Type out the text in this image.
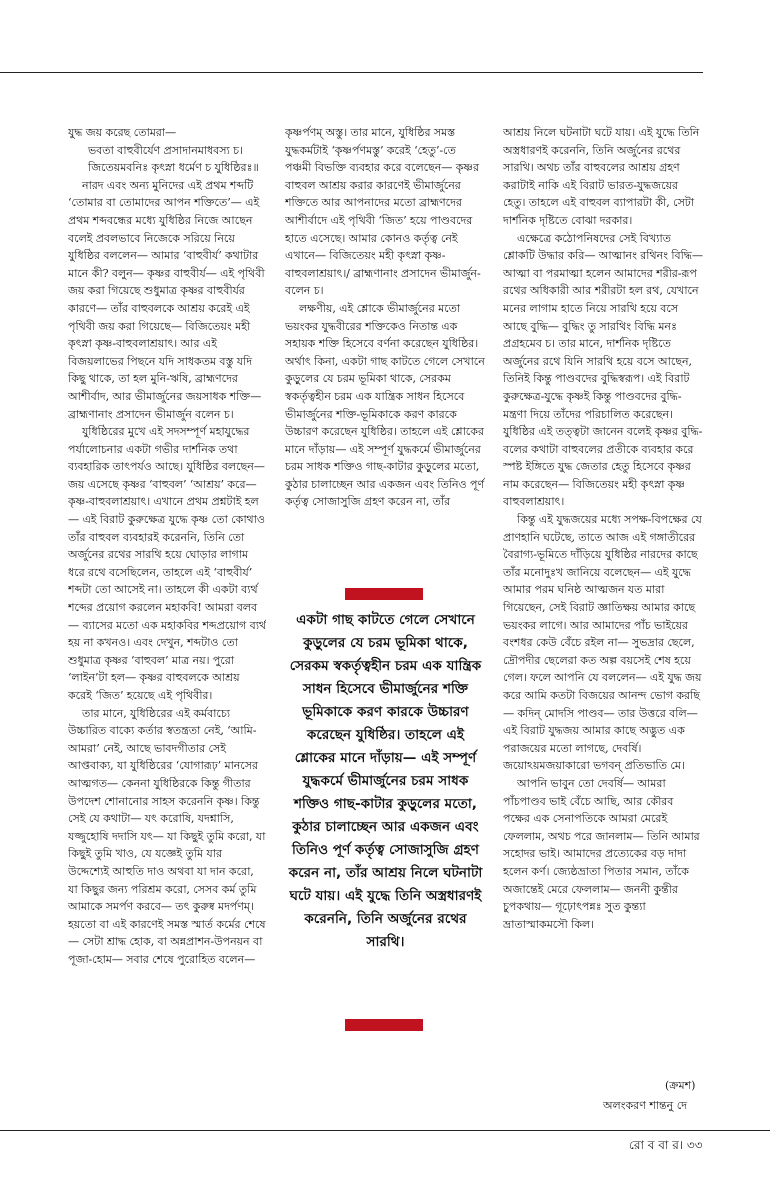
যুদ্ধ জয় করেছ তোমরা—

ভবতা বাহুবীর্যেণ প্রসাদানমাধবস্য চ।

জিতেয়মবনিঃ কৃৎস্না ধর্মেণ চ যুধিষ্ঠিরঃ॥

নারদ এবং অন্য মুনিদের এই প্রথম শব্দটি ‘তোমার বা তোমাদের আপন শক্তিতে’— এই প্রথম শব্দবন্ধের মধ্যে যুধিষ্ঠির নিজে আছেন বলেই প্রবলভাবে নিজেকে সরিয়ে নিয়ে যুধিষ্ঠির বললেন— আমার ‘বাহুবীর্য’ কথাটার মানে কী? বলুন— কৃষ্ণর বাহুবীর্য— এই পৃথিবী জয় করা গিয়েছে শুধুমাত্র কৃষ্ণর বাহুবীর্যর কারণে— তাঁর বাহুবলকে আশ্রয় করেই এই পৃথিবী জয় করা গিয়েছে— বিজিতেয়ং মহী কৃৎস্না কৃষ্ণ-বাহুবলাশ্রয়াৎ। আর এই বিজয়লাভের পিছনে যদি সাধকতম বস্তু যদি কিছু থাকে, তা হল মুনি-ঋষি, ব্রাহ্মণদের আশীর্বাদ, আর ভীমার্জুনের জয়সাধক শক্তি— ব্রাহ্মণানাং প্রসাদেন ভীমার্জুন বলেন চ।

যুধিষ্ঠিরের মুখে এই সদসম্পূর্ণ মহাযুদ্ধের পর্যালোচনার একটা গভীর দার্শনিক তথা ব্যবহারিক তাৎপর্যও আছে। যুধিষ্ঠির বলছেন— জয় এসেছে কৃষ্ণর ‘বাহুবল’ ‘আশ্রয়’ করে— কৃষ্ণ-বাহুবলাশ্রয়াৎ। এখানে প্রথম প্রশ্নটাই হল— এই বিরাট কুরুক্ষেত্র যুদ্ধে কৃষ্ণ তো কোথাও তাঁর বাহুবল ব্যবহারই করেননি, তিনি তো অর্জুনের রথের সারথি হয়ে ঘোড়ার লাগাম ধরে রথে বসেছিলেন, তাহলে এই ‘বাহুবীর্য’ শব্দটা তো আসেই না। তাহলে কী একটা ব্যর্থ শব্দের প্রয়োগ করলেন মহাকবি! আমরা বলব— ব্যাসের মতো এক মহাকবির শব্দপ্রয়োগ ব্যর্থ হয় না কখনও। এবং দেখুন, শব্দটাও তো শুধুমাত্র কৃষ্ণর ‘বাহুবল’ মাত্র নয়। পুরো ‘লাইন’টা হল— কৃষ্ণর বাহুবলকে আশ্রয় করেই ‘জিত’ হয়েছে এই পৃথিবীর।

তার মানে, যুধিষ্ঠিরের এই কর্মবাচ্যে উচ্চারিত বাক্যে কর্তার স্বতন্ত্রতা নেই, ‘আমি-আমরা’ নেই, আছে ভাবদগীতার সেই আপ্তবাক্য, যা যুধিষ্ঠিরের ‘যোগারূঢ়’ মানসের আত্মগত— কেননা যুধিষ্ঠিরকে কিন্তু গীতার উপদেশ শোনানোর সাহস করেননি কৃষ্ণ। কিন্তু সেই যে কথাটা— যৎ করোষি, যদশ্নাসি, যজ্জুহোষি দদাসি যৎ— যা কিছুই তুমি করো, যা কিছুই তুমি খাও, যে যজ্ঞেই তুমি যার উদ্দেশ্যেই আহুতি দাও অথবা যা দান করো, যা কিছুর জন্য পরিশ্রম করো, সেসব কর্ম তুমি আমাকে সমর্পণ করবে— তৎ কুরুষ্ব মদর্পণম্‌। হয়তো বা এই কারণেই সমস্ত স্মার্ত কর্মের শেষে— সেটা শ্রাদ্ধ হোক, বা অন্নপ্রাশন-উপনয়ন বা পূজা-হোম— সবার শেষে পুরোহিত বলেন—

কৃষ্ণর্পণম্‌ অস্তু। তার মানে, যুধিষ্ঠির সমস্ত যুদ্ধকর্মটাই ‘কৃষ্ণর্পণমস্তু’ করেই ‘হেতু’-তে পঞ্চমী বিভক্তি ব্যবহার করে বলেছেন— কৃষ্ণর বাহুবল আশ্রয় করার কারণেই ভীমার্জুনের শক্তিতে আর আপনাদের মতো ব্রাহ্মণদের আশীর্বাদে এই পৃথিবী ‘জিত’ হয়ে পাণ্ডবদের হাতে এসেছে। আমার কোনও কর্তৃত্ব নেই এখানে— বিজিতেয়ং মহী কৃৎস্না কৃষ্ণ-বাহুবলাশ্রয়াৎ।/ ব্রাহ্মণানাং প্রসাদেন ভীমার্জুন-বলেন চ।

লক্ষণীয়, এই শ্লোকে ভীমার্জুনের মতো ভয়ংকর যুদ্ধবীরের শক্তিকেও নিতান্ত এক সহায়ক শক্তি হিসেবে বর্ণনা করেছেন যুধিষ্ঠির। অর্থাৎ কিনা, একটা গাছ কাটতে গেলে সেখানে কুড়ুলের যে চরম ভূমিকা থাকে, সেরকম স্বকর্তৃত্বহীন চরম এক যান্ত্রিক সাধন হিসেবে ভীমার্জুনের শক্তি-ভূমিকাকে করণ কারকে উচ্চারণ করেছেন যুধিষ্ঠির। তাহলে এই শ্লোকের মানে দাঁড়ায়— এই সম্পূর্ণ যুদ্ধকর্মে ভীমার্জুনের চরম সাধক শক্তিও গাছ-কাটার কুড়ুলের মতো, কুঠার চালাচ্ছেন আর একজন এবং তিনিও পূর্ণ কর্তৃত্ব সোজাসুজি গ্রহণ করেন না, তাঁর

একটা গাছ কাটতে গেলে সেখানে কুড়ুলের যে চরম ভূমিকা থাকে, সেরকম স্বকর্তৃত্বহীন চরম এক যান্ত্রিক সাধন হিসেবে ভীমার্জুনের শক্তি ভূমিকাকে করণ কারকে উচ্চারণ করেছেন যুধিষ্ঠির। তাহলে এই শ্লোকের মানে দাঁড়ায়— এই সম্পূর্ণ যুদ্ধকর্মে ভীমার্জুনের চরম সাধক শক্তিও গাছ-কাটার কুড়ুলের মতো, কুঠার চালাচ্ছেন আর একজন এবং তিনিও পূর্ণ কর্তৃত্ব সোজাসুজি গ্রহণ করেন না, তাঁর আশ্রয় নিলে ঘটনাটা ঘটে যায়। এই যুদ্ধে তিনি অস্ত্রধারণই করেননি, তিনি অর্জুনের রথের সারথি।

আশ্রয় নিলে ঘটনাটা ঘটে যায়। এই যুদ্ধে তিনি অস্ত্রধারণই করেননি, তিনি অর্জুনের রথের সারথি। অথচ তাঁর বাহুবলের আশ্রয় গ্রহণ করাটাই নাকি এই বিরাট ভারত-যুদ্ধজয়ের হেতু। তাহলে এই বাহুবল ব্যাপারটা কী, সেটা দার্শনিক দৃষ্টিতে বোঝা দরকার।

এক্ষেত্রে কঠোপনিষদের সেই বিখ্যাত শ্লোকটি উদ্ধার করি— আত্মানং রথিনং বিদ্ধি— আত্মা বা পরমাত্মা হলেন আমাদের শরীর-রূপ রথের অধিকারী আর শরীরটা হল রথ, যেখানে মনের লাগাম হাতে নিয়ে সারথি হয়ে বসে আছে বুদ্ধি— বুদ্ধিং তু সারথিং বিদ্ধি মনঃ প্রগ্রহমেব চ। তার মানে, দার্শনিক দৃষ্টিতে অর্জুনের রথে যিনি সারথি হয়ে বসে আছেন, তিনিই কিন্তু পাণ্ডবদের বুদ্ধিস্বরূপ। এই বিরাট কুরুক্ষেত্র-যুদ্ধে কৃষ্ণই কিন্তু পাণ্ডবদের বুদ্ধি-মন্ত্রণা দিয়ে তাঁদের পরিচালিত করেছেন। যুধিষ্ঠির এই তত্ত্বটা জানেন বলেই কৃষ্ণর বুদ্ধি-বলের কথাটা বাহুবলের প্রতীকে ব্যবহার করে স্পষ্ট ইঙ্গিতে যুদ্ধ জেতার হেতু হিসেবে কৃষ্ণর নাম করেছেন— বিজিতেয়ং মহী কৃৎস্না কৃষ্ণ বাহুবলাশ্রয়াৎ।

কিন্তু এই যুদ্ধজয়ের মধ্যে সপক্ষ-বিপক্ষের যে প্রাণহানি ঘটেছে, তাতে আজ এই গঙ্গাতীরের বৈরাগ্য-ভূমিতে দাঁড়িয়ে যুধিষ্ঠির নারদের কাছে তাঁর মনোদুঃখ জানিয়ে বলেছেন— এই যুদ্ধে আমার পরম ঘনিষ্ঠ আত্মজন যত মারা গিয়েছেন, সেই বিরাট জ্ঞাতিক্ষয় আমার কাছে ভয়ংকর লাগে। আর আমাদের পাঁচ ভাইয়ের বংশধর কেউ বেঁচে রইল না— সুভদ্রার ছেলে, দ্রৌপদীর ছেলেরা কত অল্প বয়সেই শেষ হয়ে গেল। ফলে আপনি যে বললেন— এই যুদ্ধ জয় করে আমি কতটা বিজয়ের আনন্দ ভোগ করছি— কদিন্‌ মোদসি পাণ্ডব— তার উত্তরে বলি— এই বিরাট যুদ্ধজয় আমার কাছে অদ্ভুত এক পরাজয়ের মতো লাগছে, দেবর্ষি। জয়োঽয়মজয়াকারো ভগবন্‌ প্রতিভাতি মে।

আপনি ভাবুন তো দেবর্ষি— আমরা পাঁচপাণ্ডব ভাই বেঁচে আছি, আর কৌরব পক্ষের এক সেনাপতিকে আমরা মেরেই ফেললাম, অথচ পরে জানলাম— তিনি আমার সহোদর ভাই। আমাদের প্রত্যেকের বড় দাদা হলেন কর্ণ। জ্যেষ্ঠভ্রাতা পিতার সমান, তাঁকে অজান্তেই মেরে ফেললাম— জননী কুন্তীর চুপকথায়— গূঢ়োৎপন্নঃ সুত কুন্ত্যা ভ্রাতাস্মাকমসৌ কিল।

(ক্রমশ)
অলংকরণ শান্তনু দে
রো ব বা র। ৩৩
